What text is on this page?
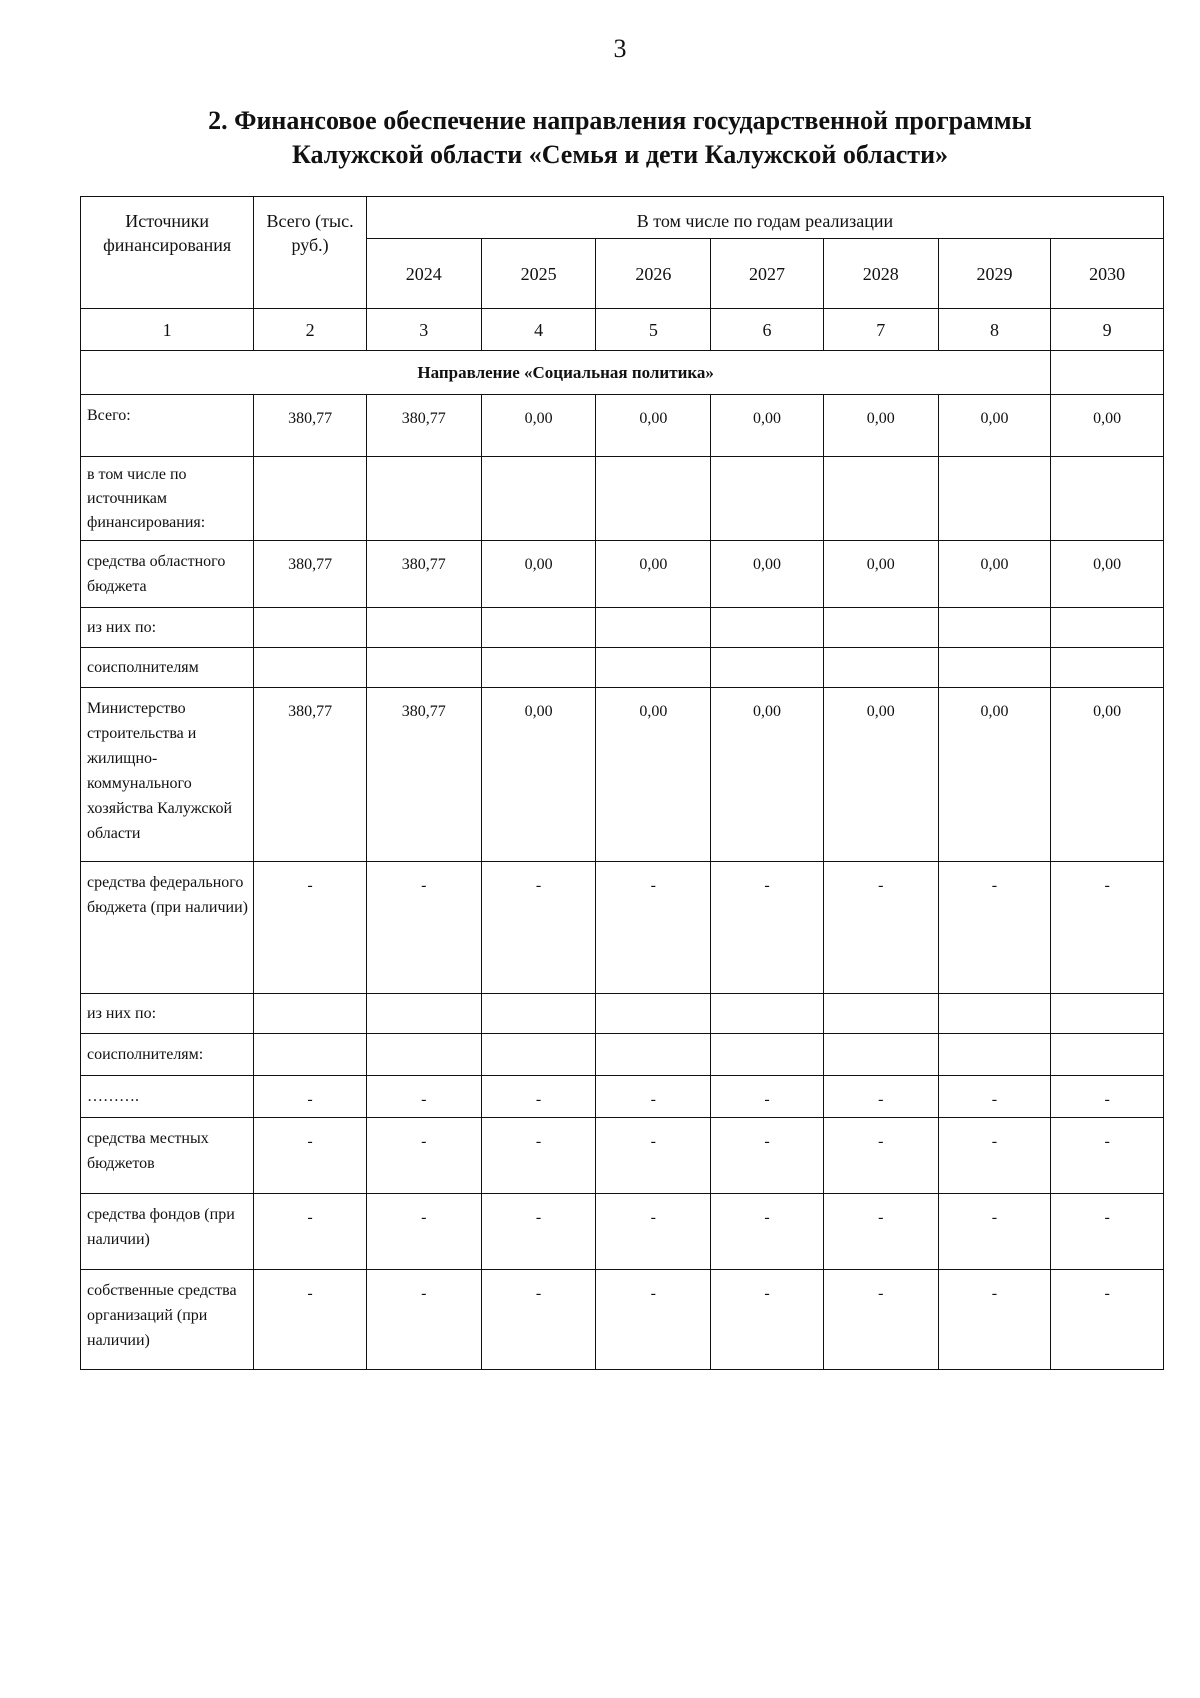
3
2. Финансовое обеспечение направления государственной программы
Калужской области «Семья и дети Калужской области»
Источники финансирования	Всего (тыс. руб.)	В том числе по годам реализации						
		2024	2025	2026	2027	2028	2029	2030
1	2	3	4	5	6	7	8	9
Направление «Социальная политика»								
Всего:	380,77	380,77	0,00	0,00	0,00	0,00	0,00	0,00
в том числе по источникам финансирования:								
средства областного бюджета	380,77	380,77	0,00	0,00	0,00	0,00	0,00	0,00
из них по:								
соисполнителям								
Министерство строительства и жилищно-коммунального хозяйства Калужской области	380,77	380,77	0,00	0,00	0,00	0,00	0,00	0,00
средства федерального бюджета (при наличии)	-	-	-	-	-	-	-	-
из них по:								
соисполнителям:								
……….	-	-	-	-	-	-	-	-
средства местных бюджетов	-	-	-	-	-	-	-	-
средства фондов (при наличии)	-	-	-	-	-	-	-	-
собственные средства организаций (при наличии)	-	-	-	-	-	-	-	-
